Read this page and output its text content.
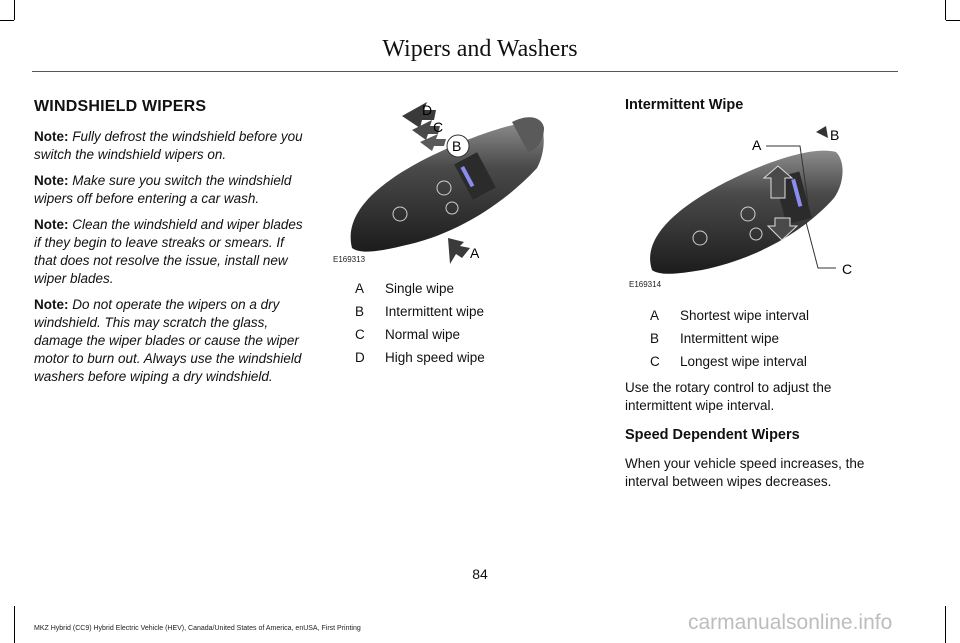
Wipers and Washers
WINDSHIELD WIPERS

Note: Fully defrost the windshield before you switch the windshield wipers on.

Note: Make sure you switch the windshield wipers off before entering a car wash.

Note: Clean the windshield and wiper blades if they begin to leave streaks or smears. If that does not resolve the issue, install new wiper blades.

Note: Do not operate the wipers on a dry windshield. This may scratch the glass, damage the wiper blades or cause the wiper motor to burn out. Always use the windshield washers before wiping a dry windshield.

A
B
C
D
E169313
A	Single wipe
B	Intermittent wipe
C	Normal wipe
D	High speed wipe
Intermittent Wipe
A
B
C
E169314
A	Shortest wipe interval
B	Intermittent wipe
C	Longest wipe interval

Use the rotary control to adjust the intermittent wipe interval.

Speed Dependent Wipers

When your vehicle speed increases, the interval between wipes decreases.

84
MKZ Hybrid (CC9) Hybrid Electric Vehicle (HEV), Canada/United States of America, enUSA, First Printing	carmanualsonline.info
